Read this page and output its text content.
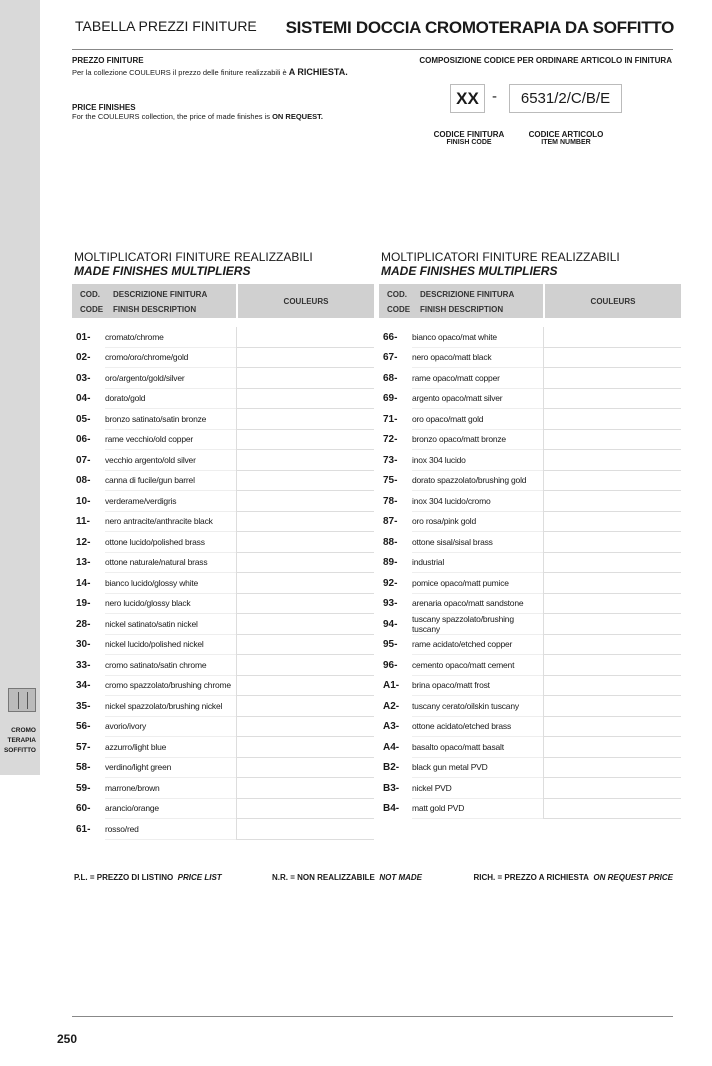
CROMO
TERAPIA
SOFFITTO
TABELLA PREZZI FINITURE SISTEMI DOCCIA CROMOTERAPIA DA SOFFITTO
PREZZO FINITURE
Per la collezione COULEURS il prezzo delle finiture realizzabili è A RICHIESTA.
PRICE FINISHES
For the COULEURS collection, the price of made finishes is ON REQUEST.
COMPOSIZIONE CODICE PER ORDINARE ARTICOLO IN FINITURA
XX -	6531/2/C/B/E
CODICE FINITURA
FINISH CODE
CODICE ARTICOLO
ITEM NUMBER
MOLTIPLICATORI FINITURE REALIZZABILI
MADE FINISHES MULTIPLIERS
MOLTIPLICATORI FINITURE REALIZZABILI
MADE FINISHES MULTIPLIERS
COD.
CODE
DESCRIZIONE FINITURA
FINISH DESCRIPTION
COULEURS
01-	cromato/chrome
02-	cromo/oro/chrome/gold
03-	oro/argento/gold/silver
04-	dorato/gold
05-	bronzo satinato/satin bronze
06-	rame vecchio/old copper
07-	vecchio argento/old silver
08-	canna di fucile/gun barrel
10-	verderame/verdigris
11-	nero antracite/anthracite black
12-	ottone lucido/polished brass
13-	ottone naturale/natural brass
14-	bianco lucido/glossy white
19-	nero lucido/glossy black
28-	nickel satinato/satin nickel
30-	nickel lucido/polished nickel
33-	cromo satinato/satin chrome
34-	cromo spazzolato/brushing chrome
35-	nickel spazzolato/brushing nickel
56-	avorio/ivory
57-	azzurro/light blue
58-	verdino/light green
59-	marrone/brown
60-	arancio/orange
61-	rosso/red
COD.
CODE
DESCRIZIONE FINITURA
FINISH DESCRIPTION
COULEURS
66-	bianco opaco/mat white
67-	nero opaco/matt black
68-	rame opaco/matt copper
69-	argento opaco/matt silver
71-	oro opaco/matt gold
72-	bronzo opaco/matt bronze
73-	inox 304 lucido
75-	dorato spazzolato/brushing gold
78-	inox 304 lucido/cromo
87-	oro rosa/pink gold
88-	ottone sisal/sisal brass
89-	industrial
92-	pomice opaco/matt pumice
93-	arenaria opaco/matt sandstone
94-	tuscany spazzolato/brushing tuscany
95-	rame acidato/etched copper
96-	cemento opaco/matt cement
A1-	brina opaco/matt frost
A2-	tuscany cerato/oilskin tuscany
A3-	ottone acidato/etched brass
A4-	basalto opaco/matt basalt
B2-	black gun metal PVD
B3-	nickel PVD
B4-	matt gold PVD
P.L. = PREZZO DI LISTINO PRICE LIST	N.R. = NON REALIZZABILE NOT MADE	RICH. = PREZZO A RICHIESTA ON REQUEST PRICE
250
